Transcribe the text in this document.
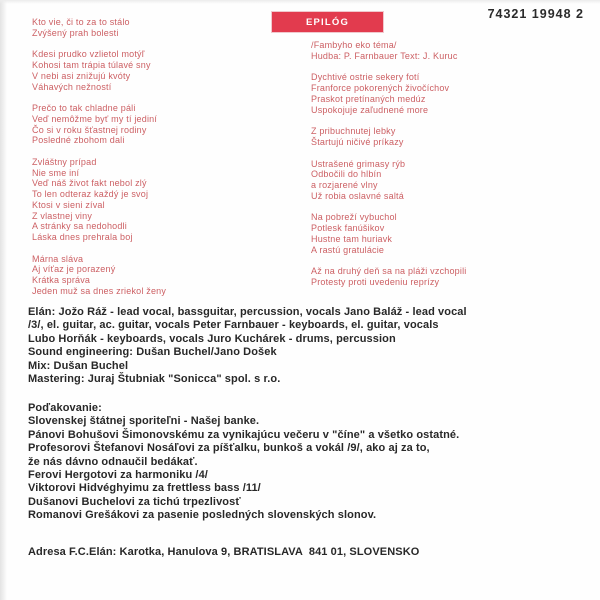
EPILÓG
74321 19948 2
Kto vie, či to za to stálo
Zvýšený prah bolesti
Kdesi prudko vzlietol motýľ
Kohosi tam trápia túlavé sny
V nebi asi znižujú kvóty
Váhavých nežností
Prečo to tak chladne páli
Veď nemôžme byť my tí jediní
Čo si v roku šťastnej rodiny
Posledné zbohom dali
Zvláštny prípad
Nie sme iní
Veď náš život fakt nebol zlý
To len odteraz každý je svoj
Ktosi v sieni zíval
Z vlastnej viny
A stránky sa nedohodli
Láska dnes prehrala boj
Márna sláva
Aj víťaz je porazený
Krátka správa
Jeden muž sa dnes zriekol ženy
/Fambyho eko téma/
Hudba: P. Farnbauer Text: J. Kuruc
Dychtivé ostrie sekery fotí
Franforce pokorených živočíchov
Praskot pretínaných medúz
Uspokojuje zaľudnené more
Z pribuchnutej lebky
Štartujú ničivé príkazy
Ustrašené grimasy rýb
Odbočili do hlbín
a rozjarené vlny
Už robia oslavné saltá
Na pobreží vybuchol
Potlesk fanúšikov
Hustne tam huriavk
A rastú gratulácie
Až na druhý deň sa na pláži vzchopili
Protesty proti uvedeniu reprízy
Elán: Jožo Ráž - lead vocal, bassguitar, percussion, vocals Jano Baláž - lead vocal
/3/, el. guitar, ac. guitar, vocals Peter Farnbauer - keyboards, el. guitar, vocals
Lubo Horňák - keyboards, vocals Juro Kuchárek - drums, percussion
Sound engineering: Dušan Buchel/Jano Došek
Mix: Dušan Buchel
Mastering: Juraj Štubniak "Sonicca" spol. s r.o.
Poďakovanie:
Slovenskej štátnej sporiteľni - Našej banke.
Pánovi Bohušovi Šimonovskému za vynikajúcu večeru v "číne" a všetko ostatné.
Profesorovi Štefanovi Nosáľovi za píšťalku, bunkoš a vokál /9/, ako aj za to,
že nás dávno odnaučil bedákať.
Ferovi Hergotovi za harmoniku /4/
Viktorovi Hidvéghyimu za frettless bass /11/
Dušanovi Buchelovi za tichú trpezlivosť
Romanovi Grešákovi za pasenie posledných slovenských slonov.
Adresa F.C.Elán: Karotka, Hanulova 9, BRATISLAVA  841 01, SLOVENSKO
